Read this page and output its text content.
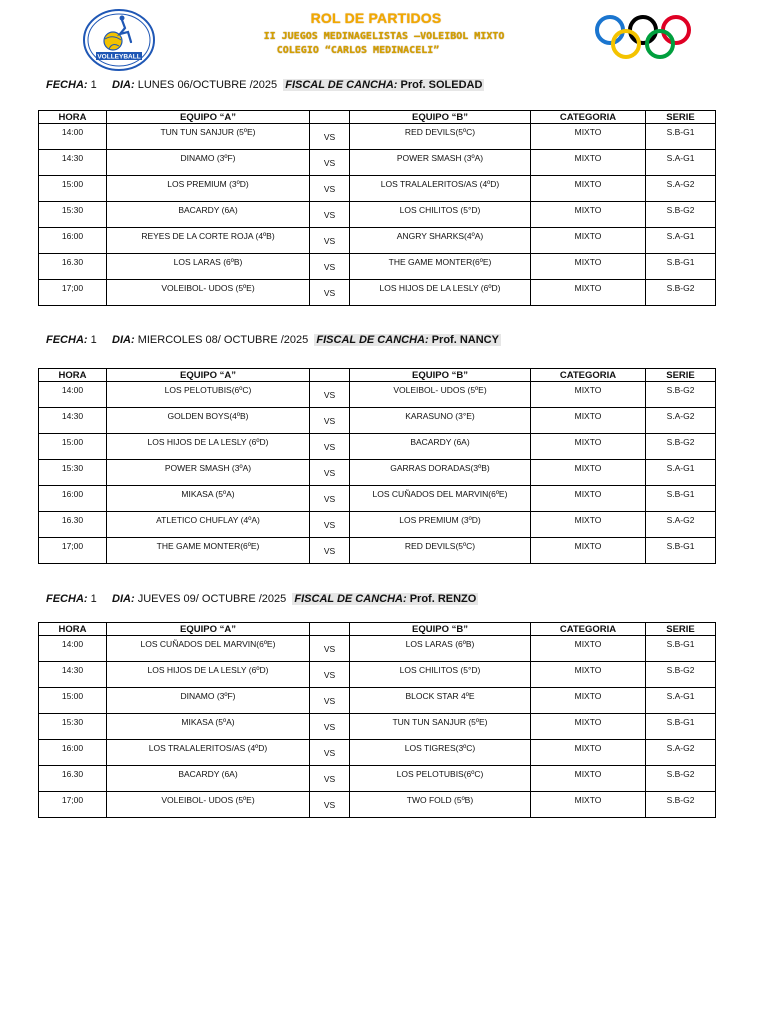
VOLLEYBALL
ROL DE PARTIDOS
II JUEGOS MEDINAGELISTAS –VOLEIBOL MIXTO
COLEGIO “CARLOS MEDINACELI”
FECHA: 1 DIA: LUNES 06/OCTUBRE /2025 FISCAL DE CANCHA: Prof. SOLEDAD
HORA	EQUIPO “A”		EQUIPO “B”	CATEGORIA	SERIE

14:00	TUN TUN SANJUR (5ºE)	VS	RED DEVILS(5ºC)	MIXTO	S.B-G1

14:30	DINAMO (3ºF)	VS	POWER SMASH (3ºA)	MIXTO	S.A-G1

15:00	LOS PREMIUM (3ºD)	VS	LOS TRALALERITOS/AS (4ºD)	MIXTO	S.A-G2

15:30	BACARDY (6A)	VS	LOS CHILITOS (5°D)	MIXTO	S.B-G2

16:00	REYES DE LA CORTE ROJA (4ºB)	VS	ANGRY SHARKS(4ºA)	MIXTO	S.A-G1

16.30	LOS LARAS (6ºB)	VS	THE GAME MONTER(6ºE)	MIXTO	S.B-G1

17;00	VOLEIBOL- UDOS (5ºE)	VS	LOS HIJOS DE LA LESLY (6ºD)	MIXTO	S.B-G2
FECHA: 1 DIA: MIERCOLES 08/ OCTUBRE /2025 FISCAL DE CANCHA: Prof. NANCY
HORA	EQUIPO “A”		EQUIPO “B”	CATEGORIA	SERIE

14:00	LOS PELOTUBIS(6ºC)	VS	VOLEIBOL- UDOS (5ºE)	MIXTO	S.B-G2

14:30	GOLDEN BOYS(4ºB)	VS	KARASUNO (3°E)	MIXTO	S.A-G2

15:00	LOS HIJOS DE LA LESLY (6ºD)	VS	BACARDY (6A)	MIXTO	S.B-G2

15:30	POWER SMASH (3ºA)	VS	GARRAS DORADAS(3ºB)	MIXTO	S.A-G1

16:00	MIKASA (5ºA)	VS	LOS CUÑADOS DEL MARVIN(6ºE)	MIXTO	S.B-G1

16.30	ATLETICO CHUFLAY (4ºA)	VS	LOS PREMIUM (3ºD)	MIXTO	S.A-G2

17;00	THE GAME MONTER(6ºE)	VS	RED DEVILS(5ºC)	MIXTO	S.B-G1
FECHA: 1 DIA: JUEVES 09/ OCTUBRE /2025 FISCAL DE CANCHA: Prof. RENZO
HORA	EQUIPO “A”		EQUIPO “B”	CATEGORIA	SERIE

14:00	LOS CUÑADOS DEL MARVIN(6ºE)	VS	LOS LARAS (6ºB)	MIXTO	S.B-G1

14:30	LOS HIJOS DE LA LESLY (6ºD)	VS	LOS CHILITOS (5°D)	MIXTO	S.B-G2

15:00	DINAMO (3ºF)	VS	BLOCK STAR 4ºE	MIXTO	S.A-G1

15:30	MIKASA (5ºA)	VS	TUN TUN SANJUR (5ºE)	MIXTO	S.B-G1

16:00	LOS TRALALERITOS/AS (4ºD)	VS	LOS TIGRES(3ºC)	MIXTO	S.A-G2

16.30	BACARDY (6A)	VS	LOS PELOTUBIS(6ºC)	MIXTO	S.B-G2

17;00	VOLEIBOL- UDOS (5ºE)	VS	TWO FOLD (5ºB)	MIXTO	S.B-G2
